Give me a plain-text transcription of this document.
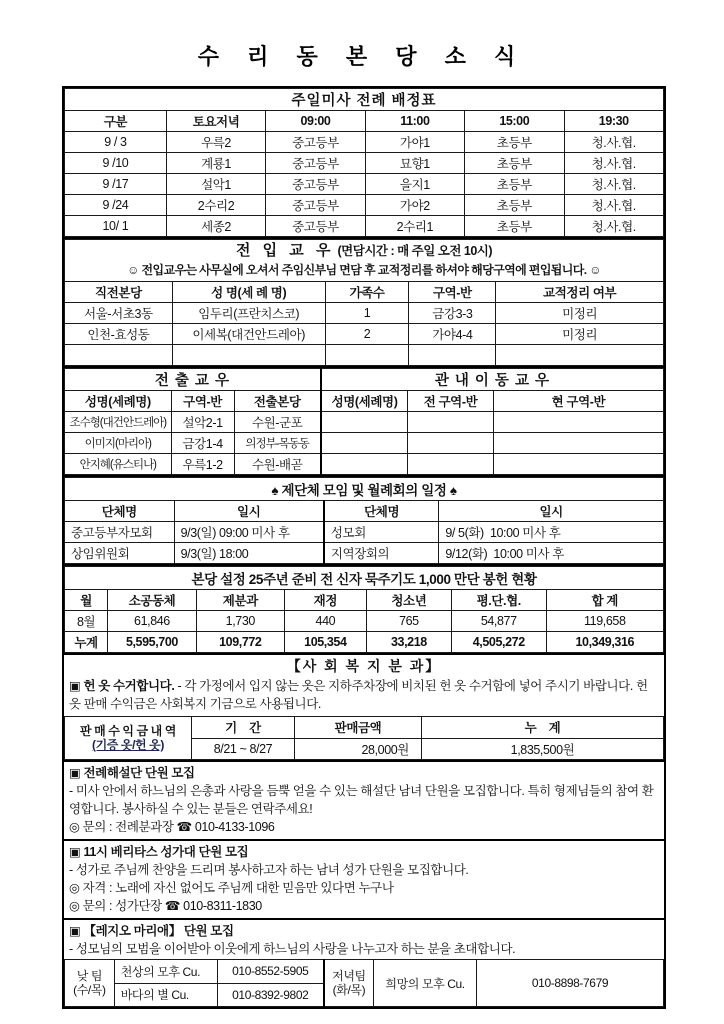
수 리 동 본 당 소 식
주일미사 전례 배정표					
구분	토요저녁	09:00	11:00	15:00	19:30
9 / 3	우륵2	중고등부	가야1	초등부	청.사.협.
9 /10	계룡1	중고등부	묘향1	초등부	청.사.협.
9 /17	설악1	중고등부	을지1	초등부	청.사.협.
9 /24	2수리2	중고등부	가야2	초등부	청.사.협.
10/ 1	세종2	중고등부	2수리1	초등부	청.사.협.
전 입 교 우 (면담시간 : 매 주일 오전 10시)
☺ 전입교우는 사무실에 오셔서 주임신부님 면담 후 교적정리를 하셔야 해당구역에 편입됩니다. ☺				

직전본당	성 명(세 례 명)	가족수	구역-반	교적정리 여부
서울-서초3동	임두리(프란치스코)	1	금강3-3	미정리
인천-효성동	이세복(대건안드레아)	2	가야4-4	미정리

전 출 교 우			관 내 이 동 교 우		
성명(세례명)	구역-반	전출본당	성명(세례명)	전 구역-반	현 구역-반
조수형(대건안드레아)	설악2-1	수원-군포			
이미지(마리아)	금강1-4	의정부-목동동			
안지혜(유스티나)	우륵1-2	수원-배곧			
♠ 제단체 모임 및 월례회의 일정 ♠			
단체명	일시	단체명	일시
중고등부자모회	9/3(일) 09:00 미사 후	성모회	9/ 5(화)  10:00 미사 후
상임위원회	9/3(일) 18:00	지역장회의	9/12(화)  10:00 미사 후
본당 설정 25주년 준비 전 신자 묵주기도 1,000 만단 봉헌 현황						
월	소공동체	제분과	재정	청소년	평.단.협.	합 계
8월	61,846	1,730	440	765	54,877	119,658
누계	5,595,700	109,772	105,354	33,218	4,505,272	10,349,316
【사 회 복 지 분 과】

▣ 헌 옷 수거합니다. - 각 가정에서 입지 않는 옷은 지하주차장에 비치된 헌 옷 수거함에 넣어 주시기 바랍니다. 헌 옷 판매 수익금은 사회복지 기금으로 사용됩니다.

판 매 수 익 금 내 역
(기증 옷/헌 옷)	기    간	판매금액	누    계
	8/21 ~ 8/27	28,000원	1,835,500원

▣ 전례해설단 단원 모집

- 미사 안에서 하느님의 은총과 사랑을 듬뿍 얻을 수 있는 해설단 남녀 단원을 모집합니다. 특히 형제님들의 참여 환영합니다. 봉사하실 수 있는 분들은 연락주세요!

◎ 문의 : 전례분과장 ☎ 010-4133-1096

▣ 11시 베리타스 성가대 단원 모집

- 성가로 주님께 찬양을 드리며 봉사하고자 하는 남녀 성가 단원을 모집합니다.

◎ 자격 : 노래에 자신 없어도 주님께 대한 믿음만 있다면 누구나

◎ 문의 : 성가단장 ☎ 010-8311-1830

▣ 【레지오 마리애】 단원 모집

- 성모님의 모범을 이어받아 이웃에게 하느님의 사랑을 나누고자 하는 분을 초대합니다.

낮 팀
(수/목)
	천상의 모후 Cu.	010-8552-5905	저녁팀
(화/목)	희망의 모후 Cu.	010-8898-7679
	바다의 별 Cu.	010-8392-9802			
